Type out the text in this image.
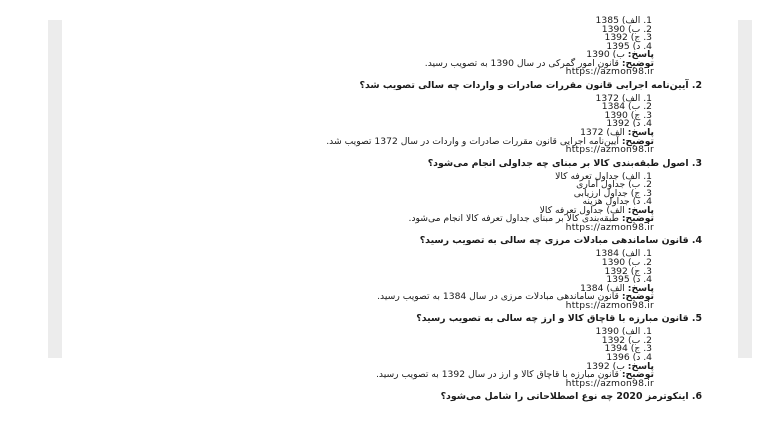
1. الف) 1385
2. ب) 1390
3. ج) 1392
4. د) 1395
پاسخ: ب) 1390
توضیح: قانون امور گمرکی در سال 1390 به تصویب رسید.
https://azmon98.ir
2. آیین‌نامه اجرایی قانون مقررات صادرات و واردات چه سالی تصویب شد؟
1. الف) 1372
2. ب) 1384
3. ج) 1390
4. د) 1392
پاسخ: الف) 1372
توضیح: آیین‌نامه اجرایی قانون مقررات صادرات و واردات در سال 1372 تصویب شد.
https://azmon98.ir
3. اصول طبقه‌بندی کالا بر مبنای چه جداولی انجام می‌شود؟
1. الف) جداول تعرفه کالا
2. ب) جداول آماری
3. ج) جداول ارزیابی
4. د) جداول هزینه
پاسخ: الف) جداول تعرفه کالا
توضیح: طبقه‌بندی کالا بر مبنای جداول تعرفه کالا انجام می‌شود.
https://azmon98.ir
4. قانون ساماندهی مبادلات مرزی چه سالی به تصویب رسید؟
1. الف) 1384
2. ب) 1390
3. ج) 1392
4. د) 1395
پاسخ: الف) 1384
توضیح: قانون ساماندهی مبادلات مرزی در سال 1384 به تصویب رسید.
https://azmon98.ir
5. قانون مبارزه با قاچاق کالا و ارز چه سالی به تصویب رسید؟
1. الف) 1390
2. ب) 1392
3. ج) 1394
4. د) 1396
پاسخ: ب) 1392
توضیح: قانون مبارزه با قاچاق کالا و ارز در سال 1392 به تصویب رسید.
https://azmon98.ir
6. اینکوترمز 2020 چه نوع اصطلاحاتی را شامل می‌شود؟
